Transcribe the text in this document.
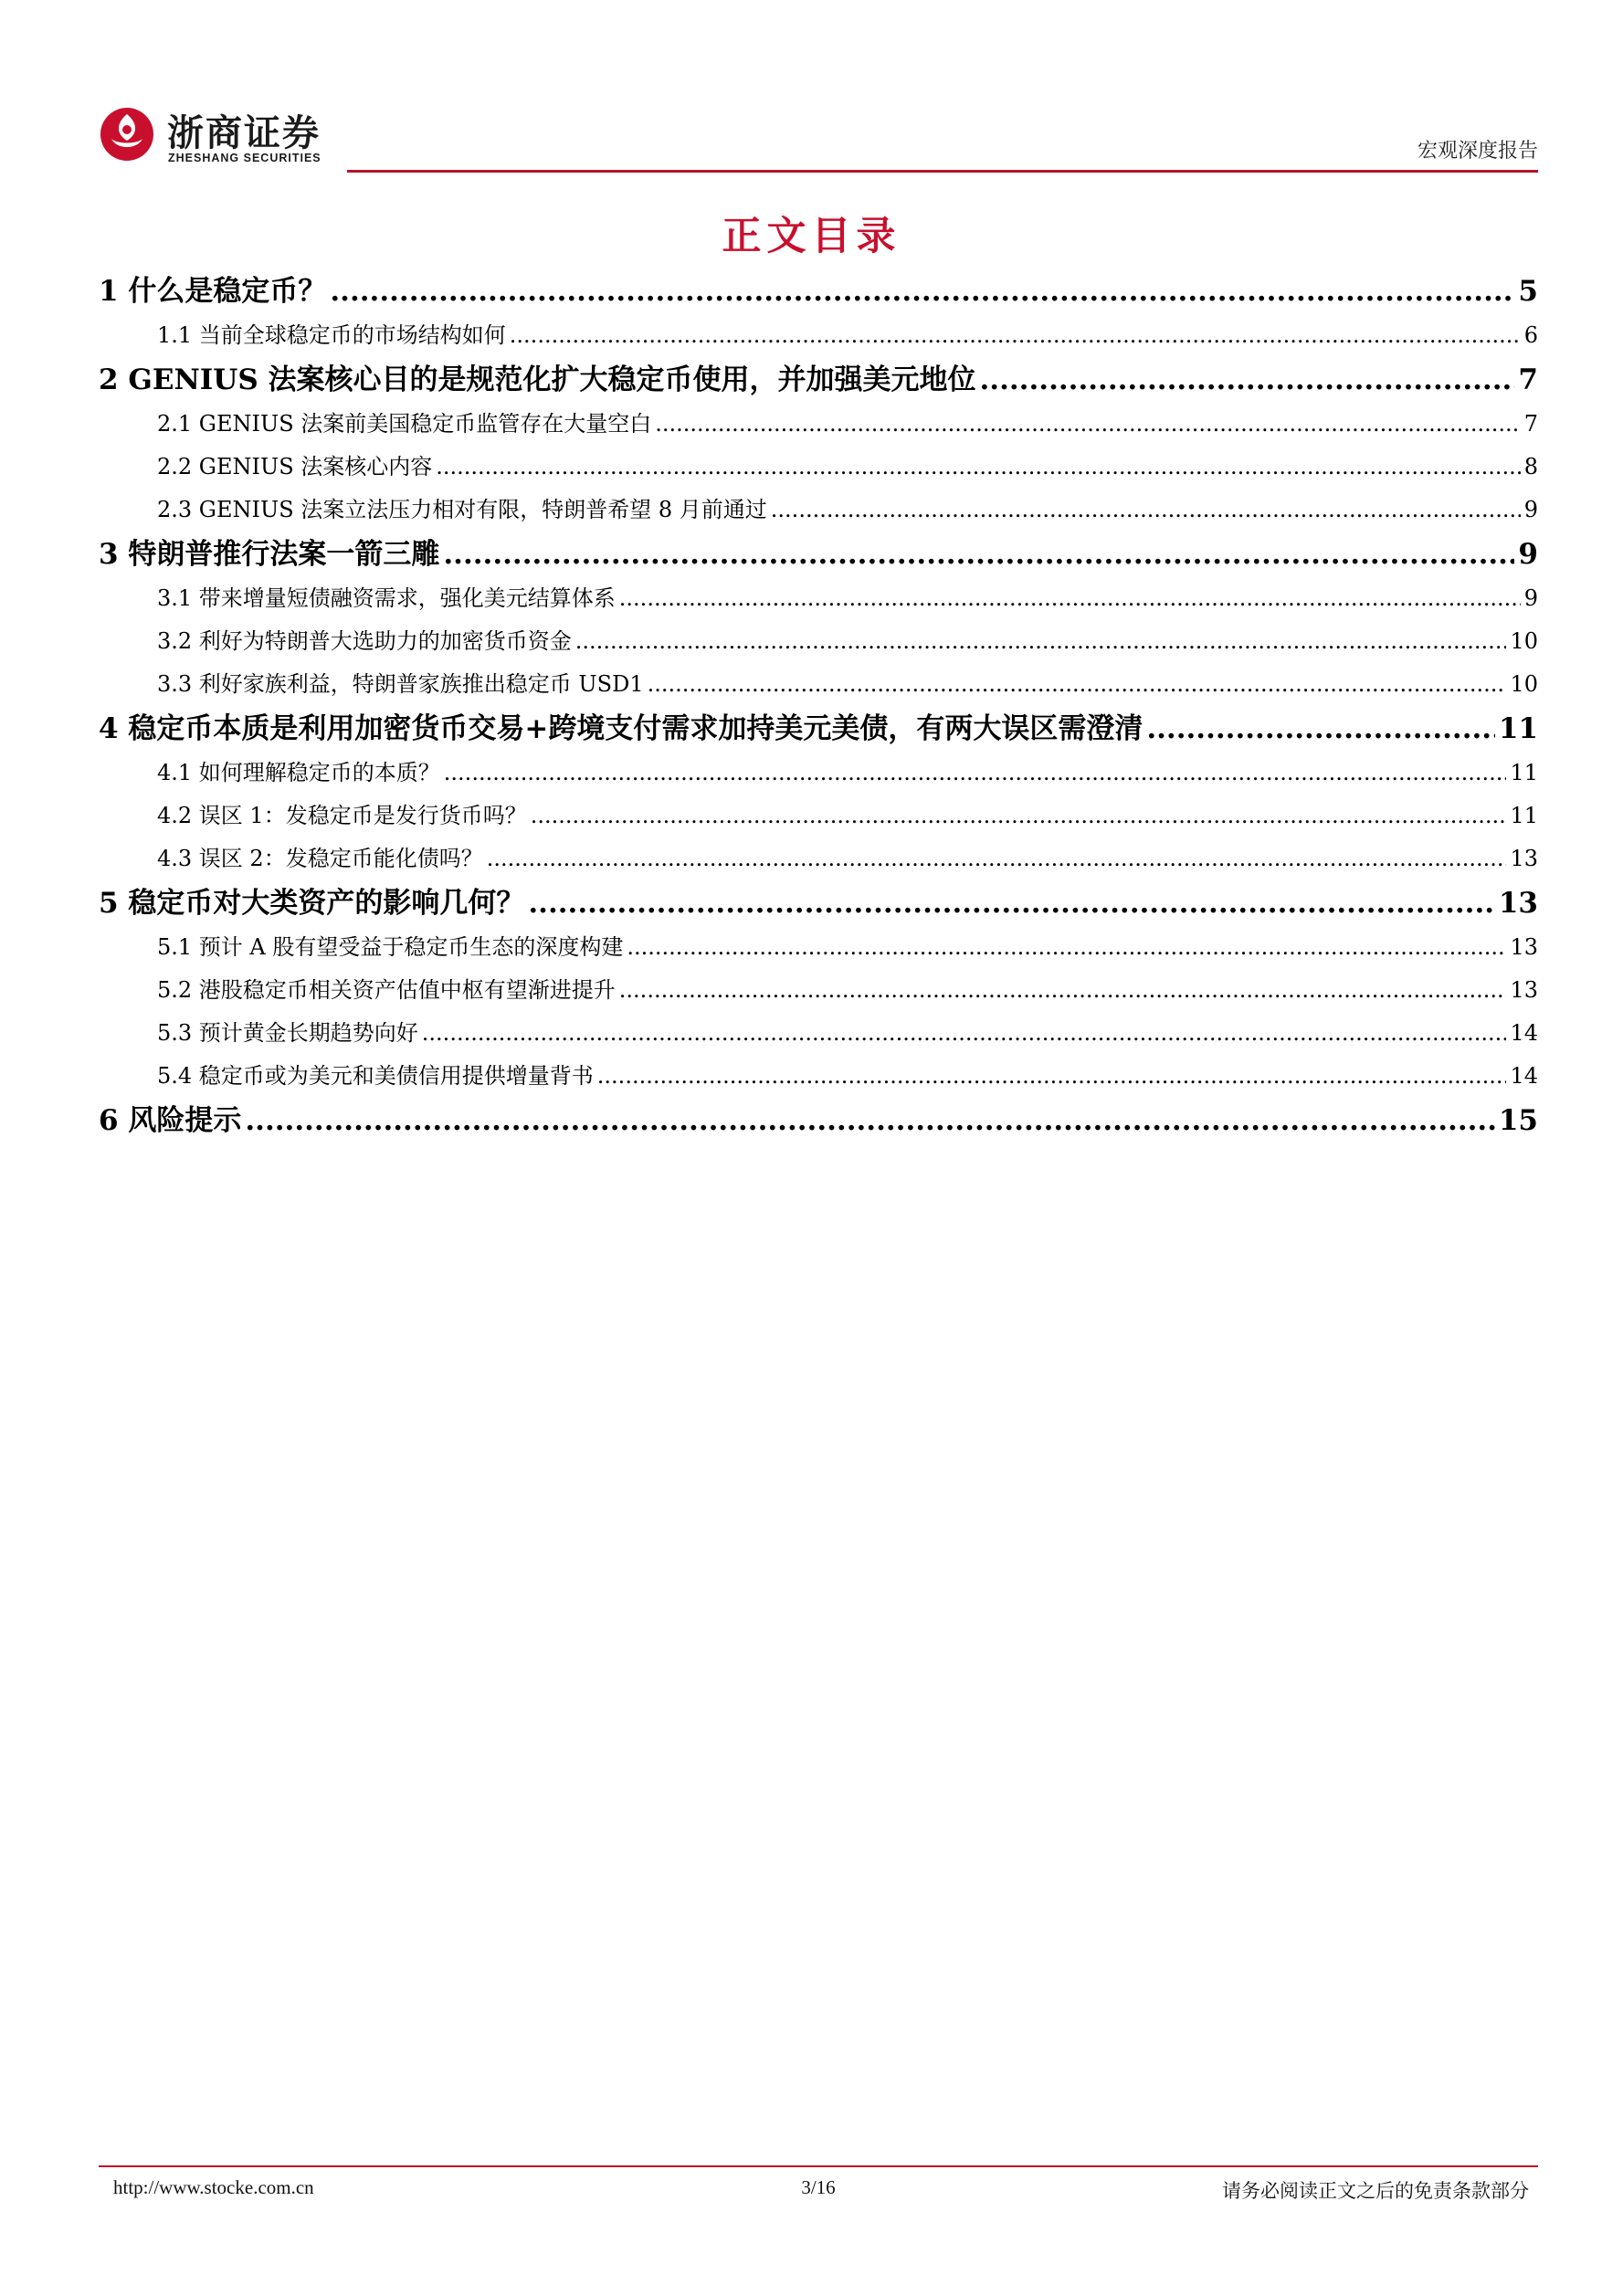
浙商证券
ZHESHANG SECURITIES	宏观深度报告
正文目录
1 什么是稳定币？ .....	5
1.1 当前全球稳定币的市场结构如何 .....	6
2 GENIUS 法案核心目的是规范化扩大稳定币使用，并加强美元地位 .....	7
2.1 GENIUS 法案前美国稳定币监管存在大量空白 .....	7
2.2 GENIUS 法案核心内容 .....	8
2.3 GENIUS 法案立法压力相对有限，特朗普希望 8 月前通过 .....	9
3 特朗普推行法案一箭三雕 .....	9
3.1 带来增量短债融资需求，强化美元结算体系 .....	9
3.2 利好为特朗普大选助力的加密货币资金 .....	10
3.3 利好家族利益，特朗普家族推出稳定币 USD1 .....	10
4 稳定币本质是利用加密货币交易+跨境支付需求加持美元美债，有两大误区需澄清 .....	11
4.1 如何理解稳定币的本质？ .....	11
4.2 误区 1：发稳定币是发行货币吗？ .....	11
4.3 误区 2：发稳定币能化债吗？ .....	13
5 稳定币对大类资产的影响几何？ .....	13
5.1 预计 A 股有望受益于稳定币生态的深度构建 .....	13
5.2 港股稳定币相关资产估值中枢有望渐进提升 .....	13
5.3 预计黄金长期趋势向好 .....	14
5.4 稳定币或为美元和美债信用提供增量背书 .....	14
6 风险提示 .....	15
http://www.stocke.com.cn	3/16	请务必阅读正文之后的免责条款部分
